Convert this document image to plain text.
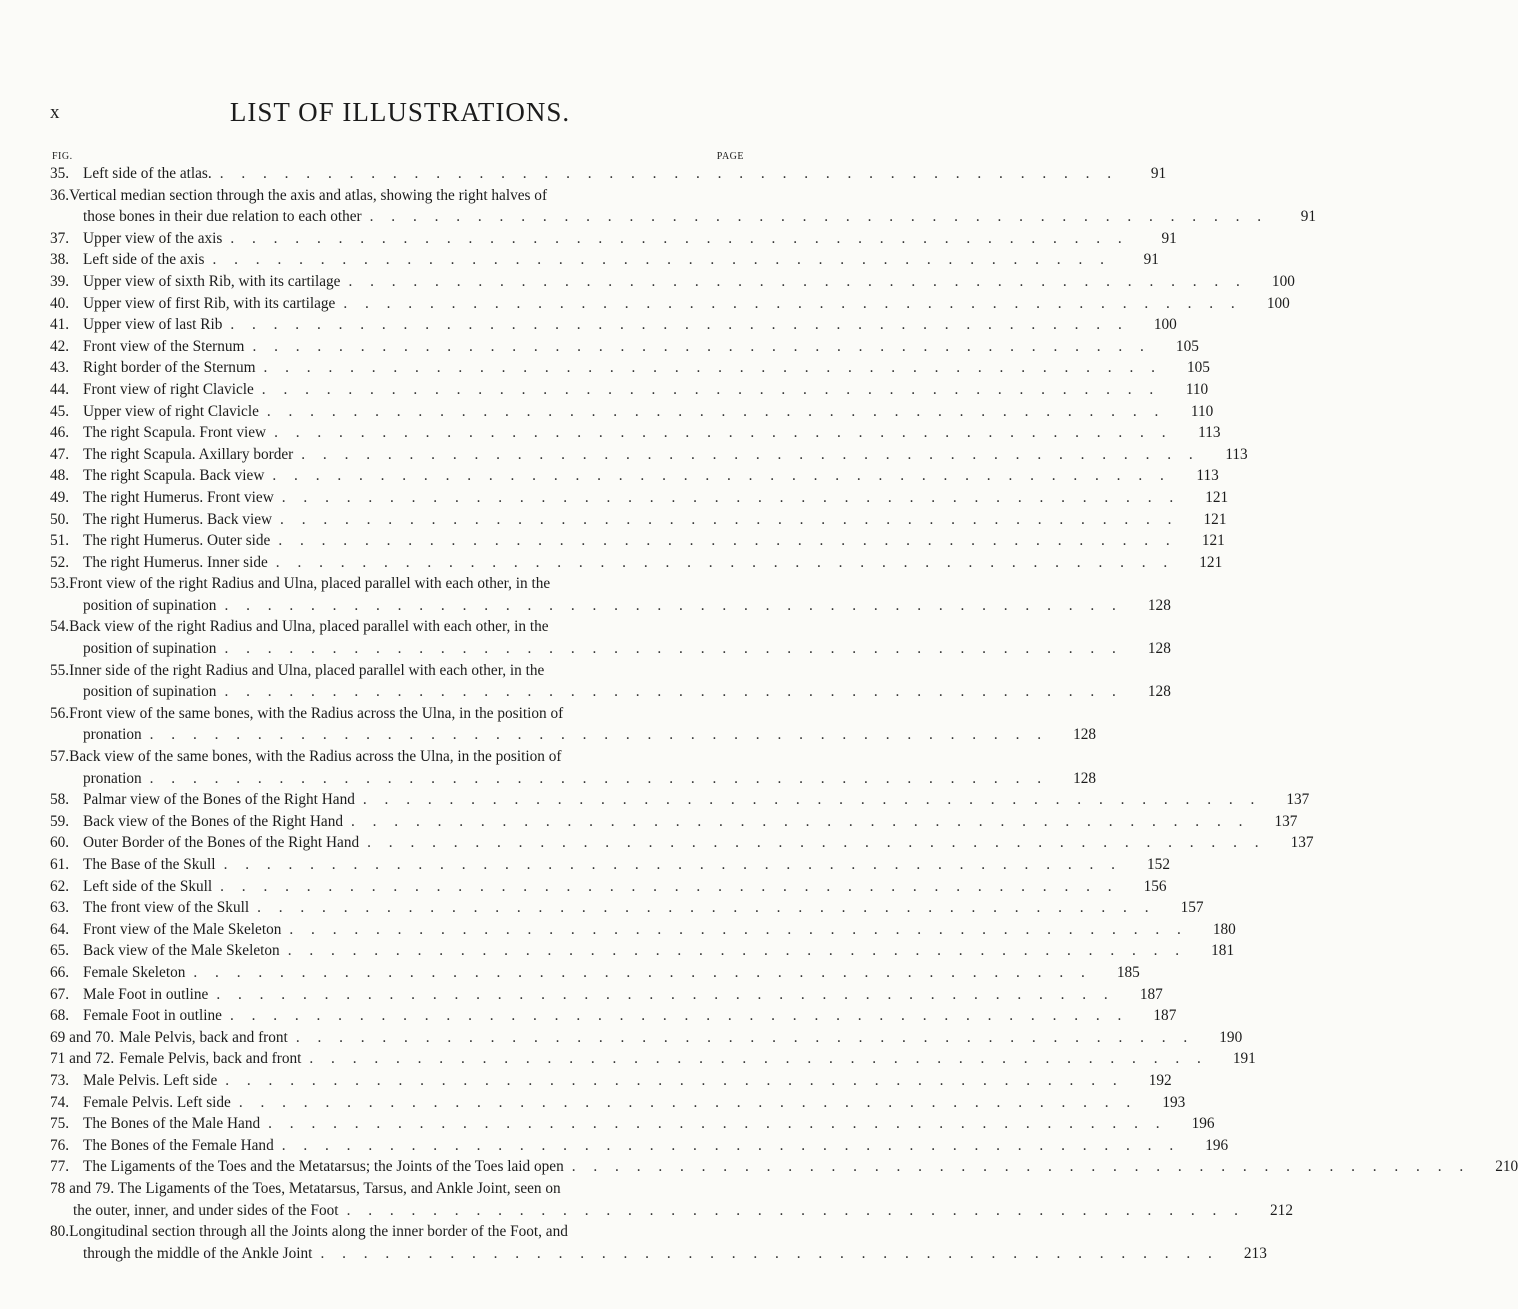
x	LIST OF ILLUSTRATIONS.
FIG.	PAGE
35. Left side of the atlas. . . . . . . . . . . . . . . . . . . . . . . . . . . . . . . . . . . . . . . . . . .	91
36.Vertical median section through the axis and atlas, showing the right halves of
those bones in their due relation to each other . . . . . . . . . . . . . . . . . . . . . . . . . . . . . . . . . . . . . . . . . .	91
37. Upper view of the axis . . . . . . . . . . . . . . . . . . . . . . . . . . . . . . . . . . . . . . . . . .	91
38. Left side of the axis . . . . . . . . . . . . . . . . . . . . . . . . . . . . . . . . . . . . . . . . . .	91
39. Upper view of sixth Rib, with its cartilage . . . . . . . . . . . . . . . . . . . . . . . . . . . . . . . . . . . . . . . . . .	100
40. Upper view of first Rib, with its cartilage . . . . . . . . . . . . . . . . . . . . . . . . . . . . . . . . . . . . . . . . . .	100
41. Upper view of last Rib . . . . . . . . . . . . . . . . . . . . . . . . . . . . . . . . . . . . . . . . . .	100
42. Front view of the Sternum . . . . . . . . . . . . . . . . . . . . . . . . . . . . . . . . . . . . . . . . . .	105
43. Right border of the Sternum . . . . . . . . . . . . . . . . . . . . . . . . . . . . . . . . . . . . . . . . . .	105
44. Front view of right Clavicle . . . . . . . . . . . . . . . . . . . . . . . . . . . . . . . . . . . . . . . . . .	110
45. Upper view of right Clavicle . . . . . . . . . . . . . . . . . . . . . . . . . . . . . . . . . . . . . . . . . .	110
46. The right Scapula. Front view . . . . . . . . . . . . . . . . . . . . . . . . . . . . . . . . . . . . . . . . . .	113
47. The right Scapula. Axillary border . . . . . . . . . . . . . . . . . . . . . . . . . . . . . . . . . . . . . . . . . .	113
48. The right Scapula. Back view . . . . . . . . . . . . . . . . . . . . . . . . . . . . . . . . . . . . . . . . . .	113
49. The right Humerus. Front view . . . . . . . . . . . . . . . . . . . . . . . . . . . . . . . . . . . . . . . . . .	121
50. The right Humerus. Back view . . . . . . . . . . . . . . . . . . . . . . . . . . . . . . . . . . . . . . . . . .	121
51. The right Humerus. Outer side . . . . . . . . . . . . . . . . . . . . . . . . . . . . . . . . . . . . . . . . . .	121
52. The right Humerus. Inner side . . . . . . . . . . . . . . . . . . . . . . . . . . . . . . . . . . . . . . . . . .	121
53.Front view of the right Radius and Ulna, placed parallel with each other, in the
position of supination . . . . . . . . . . . . . . . . . . . . . . . . . . . . . . . . . . . . . . . . . .	128
54.Back view of the right Radius and Ulna, placed parallel with each other, in the
position of supination . . . . . . . . . . . . . . . . . . . . . . . . . . . . . . . . . . . . . . . . . .	128
55.Inner side of the right Radius and Ulna, placed parallel with each other, in the
position of supination . . . . . . . . . . . . . . . . . . . . . . . . . . . . . . . . . . . . . . . . . .	128
56.Front view of the same bones, with the Radius across the Ulna, in the position of
pronation . . . . . . . . . . . . . . . . . . . . . . . . . . . . . . . . . . . . . . . . . .	128
57.Back view of the same bones, with the Radius across the Ulna, in the position of
pronation . . . . . . . . . . . . . . . . . . . . . . . . . . . . . . . . . . . . . . . . . .	128
58. Palmar view of the Bones of the Right Hand . . . . . . . . . . . . . . . . . . . . . . . . . . . . . . . . . . . . . . . . . .	137
59. Back view of the Bones of the Right Hand . . . . . . . . . . . . . . . . . . . . . . . . . . . . . . . . . . . . . . . . . .	137
60. Outer Border of the Bones of the Right Hand . . . . . . . . . . . . . . . . . . . . . . . . . . . . . . . . . . . . . . . . . .	137
61. The Base of the Skull . . . . . . . . . . . . . . . . . . . . . . . . . . . . . . . . . . . . . . . . . .	152
62. Left side of the Skull . . . . . . . . . . . . . . . . . . . . . . . . . . . . . . . . . . . . . . . . . .	156
63. The front view of the Skull . . . . . . . . . . . . . . . . . . . . . . . . . . . . . . . . . . . . . . . . . .	157
64. Front view of the Male Skeleton . . . . . . . . . . . . . . . . . . . . . . . . . . . . . . . . . . . . . . . . . .	180
65. Back view of the Male Skeleton . . . . . . . . . . . . . . . . . . . . . . . . . . . . . . . . . . . . . . . . . .	181
66. Female Skeleton . . . . . . . . . . . . . . . . . . . . . . . . . . . . . . . . . . . . . . . . . .	185
67. Male Foot in outline . . . . . . . . . . . . . . . . . . . . . . . . . . . . . . . . . . . . . . . . . .	187
68. Female Foot in outline . . . . . . . . . . . . . . . . . . . . . . . . . . . . . . . . . . . . . . . . . .	187
69 and 70. Male Pelvis, back and front . . . . . . . . . . . . . . . . . . . . . . . . . . . . . . . . . . . . . . . . . .	190
71 and 72. Female Pelvis, back and front . . . . . . . . . . . . . . . . . . . . . . . . . . . . . . . . . . . . . . . . . .	191
73. Male Pelvis. Left side . . . . . . . . . . . . . . . . . . . . . . . . . . . . . . . . . . . . . . . . . .	192
74. Female Pelvis. Left side . . . . . . . . . . . . . . . . . . . . . . . . . . . . . . . . . . . . . . . . . .	193
75. The Bones of the Male Hand . . . . . . . . . . . . . . . . . . . . . . . . . . . . . . . . . . . . . . . . . .	196
76. The Bones of the Female Hand . . . . . . . . . . . . . . . . . . . . . . . . . . . . . . . . . . . . . . . . . .	196
77. The Ligaments of the Toes and the Metatarsus; the Joints of the Toes laid open . . . . . . . . . . . . . . . . . . . . . . . . . . . . . . . . . . . . . . . . . .	210
78 and 79. The Ligaments of the Toes, Metatarsus, Tarsus, and Ankle Joint, seen on
the outer, inner, and under sides of the Foot . . . . . . . . . . . . . . . . . . . . . . . . . . . . . . . . . . . . . . . . . .	212
80.Longitudinal section through all the Joints along the inner border of the Foot, and
through the middle of the Ankle Joint . . . . . . . . . . . . . . . . . . . . . . . . . . . . . . . . . . . . . . . . . .	213
